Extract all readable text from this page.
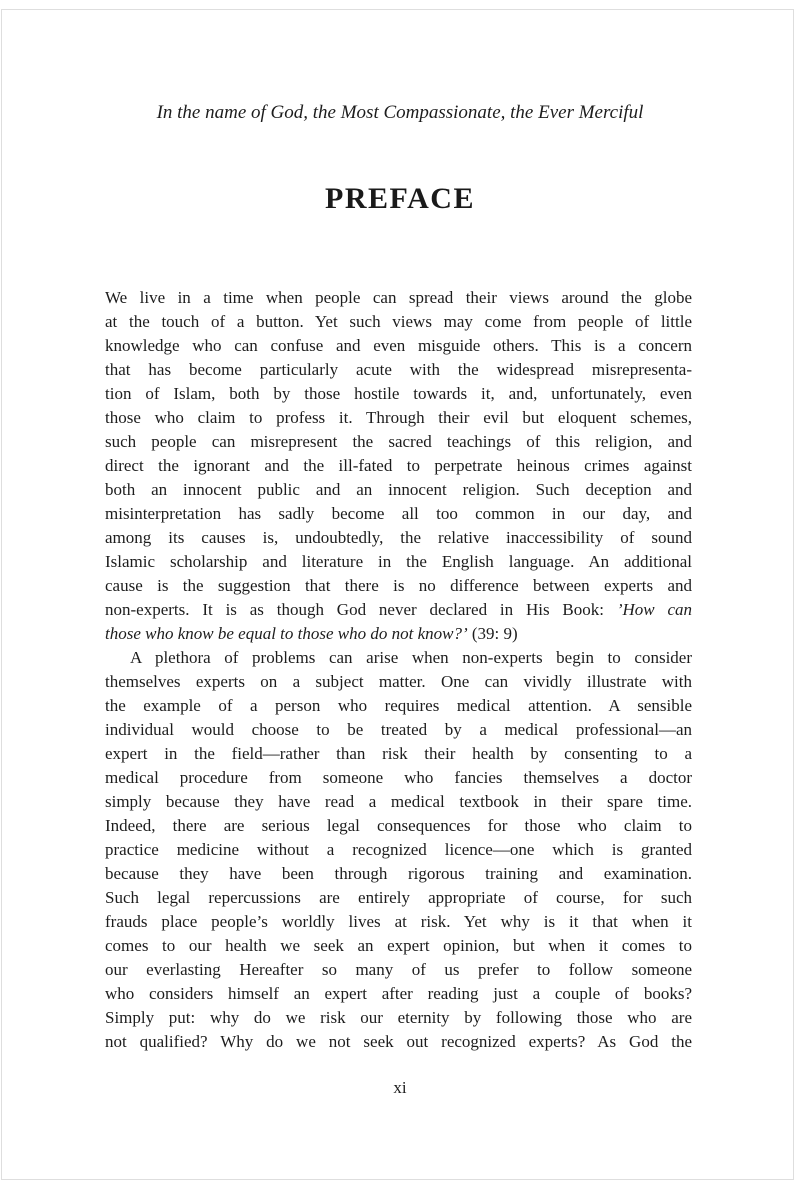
In the name of God, the Most Compassionate, the Ever Merciful
PREFACE
We live in a time when people can spread their views around the globe
at the touch of a button. Yet such views may come from people of little
knowledge who can confuse and even misguide others. This is a concern
that has become particularly acute with the widespread misrepresenta-
tion of Islam, both by those hostile towards it, and, unfortunately, even
those who claim to profess it. Through their evil but eloquent schemes,
such people can misrepresent the sacred teachings of this religion, and
direct the ignorant and the ill-fated to perpetrate heinous crimes against
both an innocent public and an innocent religion. Such deception and
misinterpretation has sadly become all too common in our day, and
among its causes is, undoubtedly, the relative inaccessibility of sound
Islamic scholarship and literature in the English language. An additional
cause is the suggestion that there is no difference between experts and
non-experts. It is as though God never declared in His Book: ’How can
those who know be equal to those who do not know?’ (39: 9)
A plethora of problems can arise when non-experts begin to consider
themselves experts on a subject matter. One can vividly illustrate with
the example of a person who requires medical attention. A sensible
individual would choose to be treated by a medical professional—an
expert in the field—rather than risk their health by consenting to a
medical procedure from someone who fancies themselves a doctor
simply because they have read a medical textbook in their spare time.
Indeed, there are serious legal consequences for those who claim to
practice medicine without a recognized licence—one which is granted
because they have been through rigorous training and examination.
Such legal repercussions are entirely appropriate of course, for such
frauds place people’s worldly lives at risk. Yet why is it that when it
comes to our health we seek an expert opinion, but when it comes to
our everlasting Hereafter so many of us prefer to follow someone
who considers himself an expert after reading just a couple of books?
Simply put: why do we risk our eternity by following those who are
not qualified? Why do we not seek out recognized experts? As God the
xi
